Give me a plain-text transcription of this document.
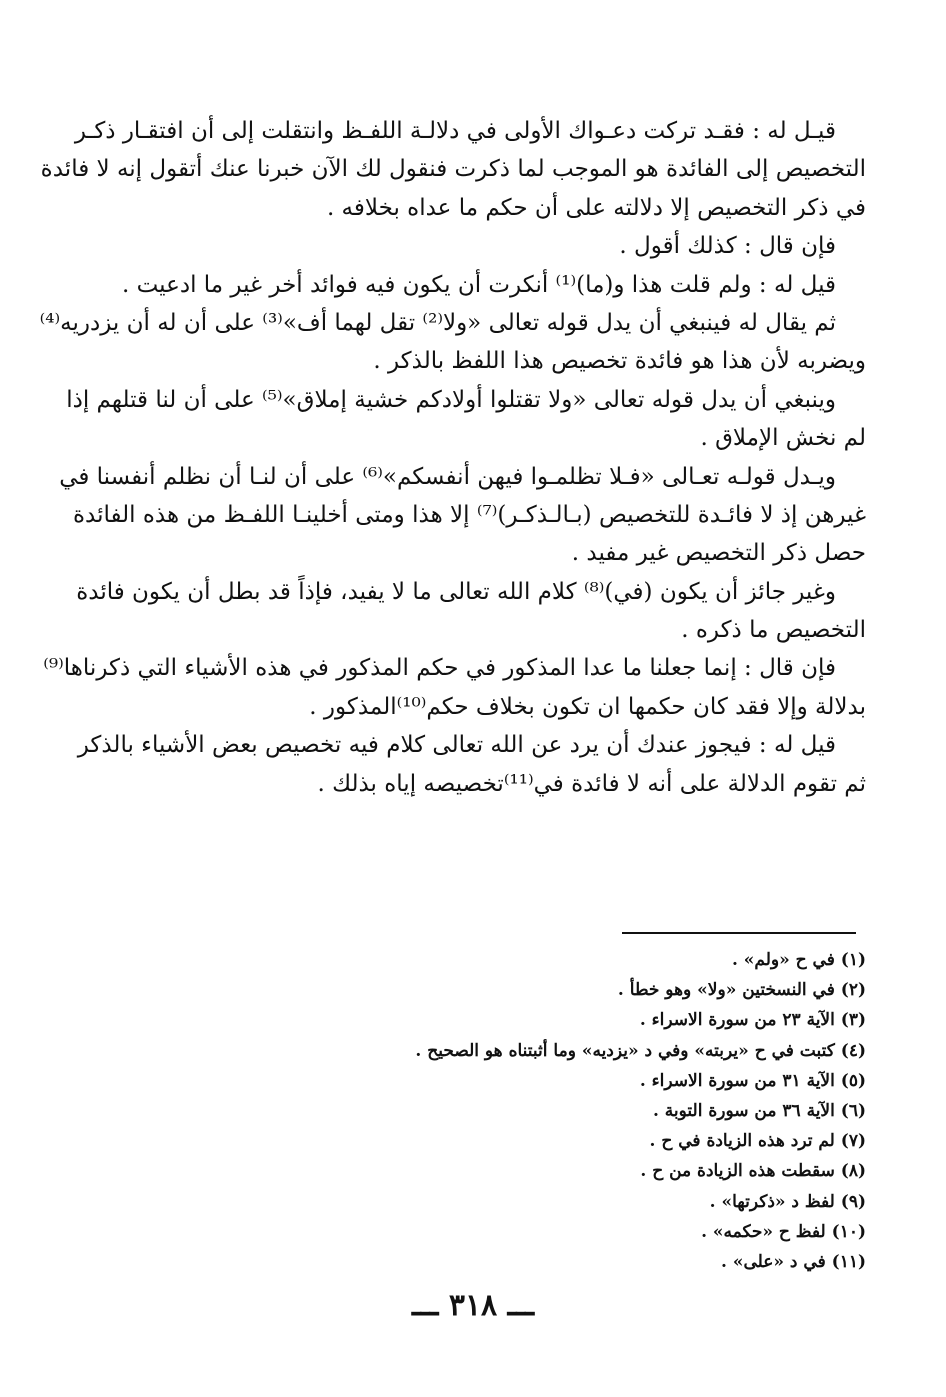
قيـل له : فقـد تركت دعـواك الأولى في دلالـة اللفـظ وانتقلت إلى أن افتقـار ذكـر
التخصيص إلى الفائدة هو الموجب لما ذكرت فنقول لك الآن خبرنا عنك أتقول إنه لا فائدة
في ذكر التخصيص إلا دلالته على أن حكم ما عداه بخلافه .
فإن قال : كذلك أقول .
قيل له : ولم قلت هذا و(ما)⁽¹⁾ أنكرت أن يكون فيه فوائد أخر غير ما ادعيت .
ثم يقال له فينبغي أن يدل قوله تعالى «ولا⁽²⁾ تقل لهما أف»⁽³⁾ على أن له أن يزدريه⁽⁴⁾
ويضربه لأن هذا هو فائدة تخصيص هذا اللفظ بالذكر .
وينبغي أن يدل قوله تعالى «ولا تقتلوا أولادكم خشية إملاق»⁽⁵⁾ على أن لنا قتلهم إذا
لم نخش الإملاق .
ويـدل قولـه تعـالى «فـلا تظلمـوا فيهن أنفسكم»⁽⁶⁾ على أن لنـا أن نظلم أنفسنا في
غيرهن إذ لا فائـدة للتخصيص (بـالـذكـر)⁽⁷⁾ إلا هذا ومتى أخلينـا اللفـظ من هذه الفائدة
حصل ذكر التخصيص غير مفيد .
وغير جائز أن يكون (في)⁽⁸⁾ كلام الله تعالى ما لا يفيد، فإذاً قد بطل أن يكون فائدة
التخصيص ما ذكره .
فإن قال : إنما جعلنا ما عدا المذكور في حكم المذكور في هذه الأشياء التي ذكرناها⁽⁹⁾
بدلالة وإلا فقد كان حكمها ان تكون بخلاف حكم⁽¹⁰⁾المذكور .
قيل له : فيجوز عندك أن يرد عن الله تعالى كلام فيه تخصيص بعض الأشياء بالذكر
ثم تقوم الدلالة على أنه لا فائدة في⁽¹¹⁾تخصيصه إياه بذلك .
(١) في ح «ولم» .
(٢) في النسختين «ولا» وهو خطأ .
(٣) الآية ٢٣ من سورة الاسراء .
(٤) كتبت في ح «يربته» وفي د «يزديه» وما أثبتناه هو الصحيح .
(٥) الآية ٣١ من سورة الاسراء .
(٦) الآية ٣٦ من سورة التوبة .
(٧) لم ترد هذه الزيادة في ح .
(٨) سقطت هذه الزيادة من ح .
(٩) لفظ د «ذكرتها» .
(١٠) لفظ ح «حكمه» .
(١١) في د «على» .
ـــ ٣١٨ ـــ
